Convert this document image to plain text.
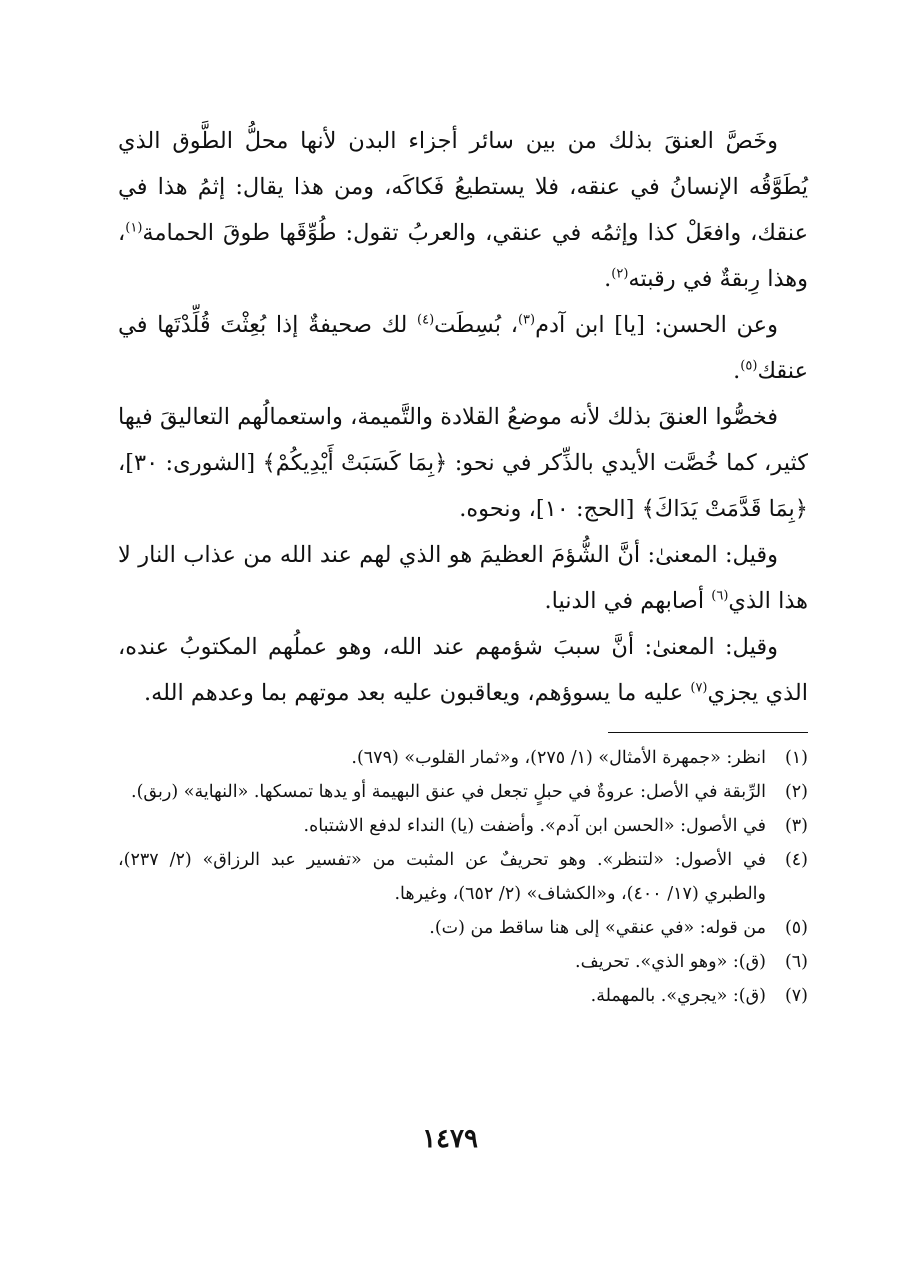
وخَصَّ العنقَ بذلك من بين سائر أجزاء البدن لأنها محلُّ الطَّوق الذي يُطَوَّقُه الإنسانُ في عنقه، فلا يستطيعُ فَكاكَه، ومن هذا يقال: إثمُ هذا في عنقك، وافعَلْ كذا وإثمُه في عنقي، والعربُ تقول: طُوِّقَها طوقَ الحمامة$^{(١)}$، وهذا رِبقةٌ في رقبته$^{(٢)}$.

وعن الحسن: [يا] ابن آدم$^{(٣)}$، بُسِطَت$^{(٤)}$ لك صحيفةٌ إذا بُعِثْتَ قُلِّدْتَها في عنقك$^{(٥)}$.

فخصُّوا العنقَ بذلك لأنه موضعُ القلادة والتَّميمة، واستعمالُهم التعاليقَ فيها كثير، كما خُصَّت الأيدي بالذِّكر في نحو: ﴿بِمَا كَسَبَتْ أَيْدِيكُمْ﴾ [الشورى: ٣٠]، ﴿بِمَا قَدَّمَتْ يَدَاكَ﴾ [الحج: ١٠]، ونحوه.

وقيل: المعنىٰ: أنَّ الشُّؤمَ العظيمَ هو الذي لهم عند الله من عذاب النار لا هذا الذي$^{(٦)}$ أصابهم في الدنيا.

وقيل: المعنىٰ: أنَّ سببَ شؤمهم عند الله، وهو عملُهم المكتوبُ عنده، الذي يجزي$^{(٧)}$ عليه ما يسوؤهم، ويعاقبون عليه بعد موتهم بما وعدهم الله.

(١)
انظر: «جمهرة الأمثال» (١/ ٢٧٥)، و«ثمار القلوب» (٦٧٩).
(٢)
الرِّبقة في الأصل: عروةٌ في حبلٍ تجعل في عنق البهيمة أو يدها تمسكها. «النهاية» (ربق).
(٣)
في الأصول: «الحسن ابن آدم». وأضفت (يا) النداء لدفع الاشتباه.
(٤)
في الأصول: «لتنظر». وهو تحريفٌ عن المثبت من «تفسير عبد الرزاق» (٢/ ٢٣٧)، والطبري (١٧/ ٤٠٠)، و«الكشاف» (٢/ ٦٥٢)، وغيرها.
(٥)
من قوله: «في عنقي» إلى هنا ساقط من (ت).
(٦)
(ق): «وهو الذي». تحريف.
(٧)
(ق): «يجري». بالمهملة.
١٤٧٩
